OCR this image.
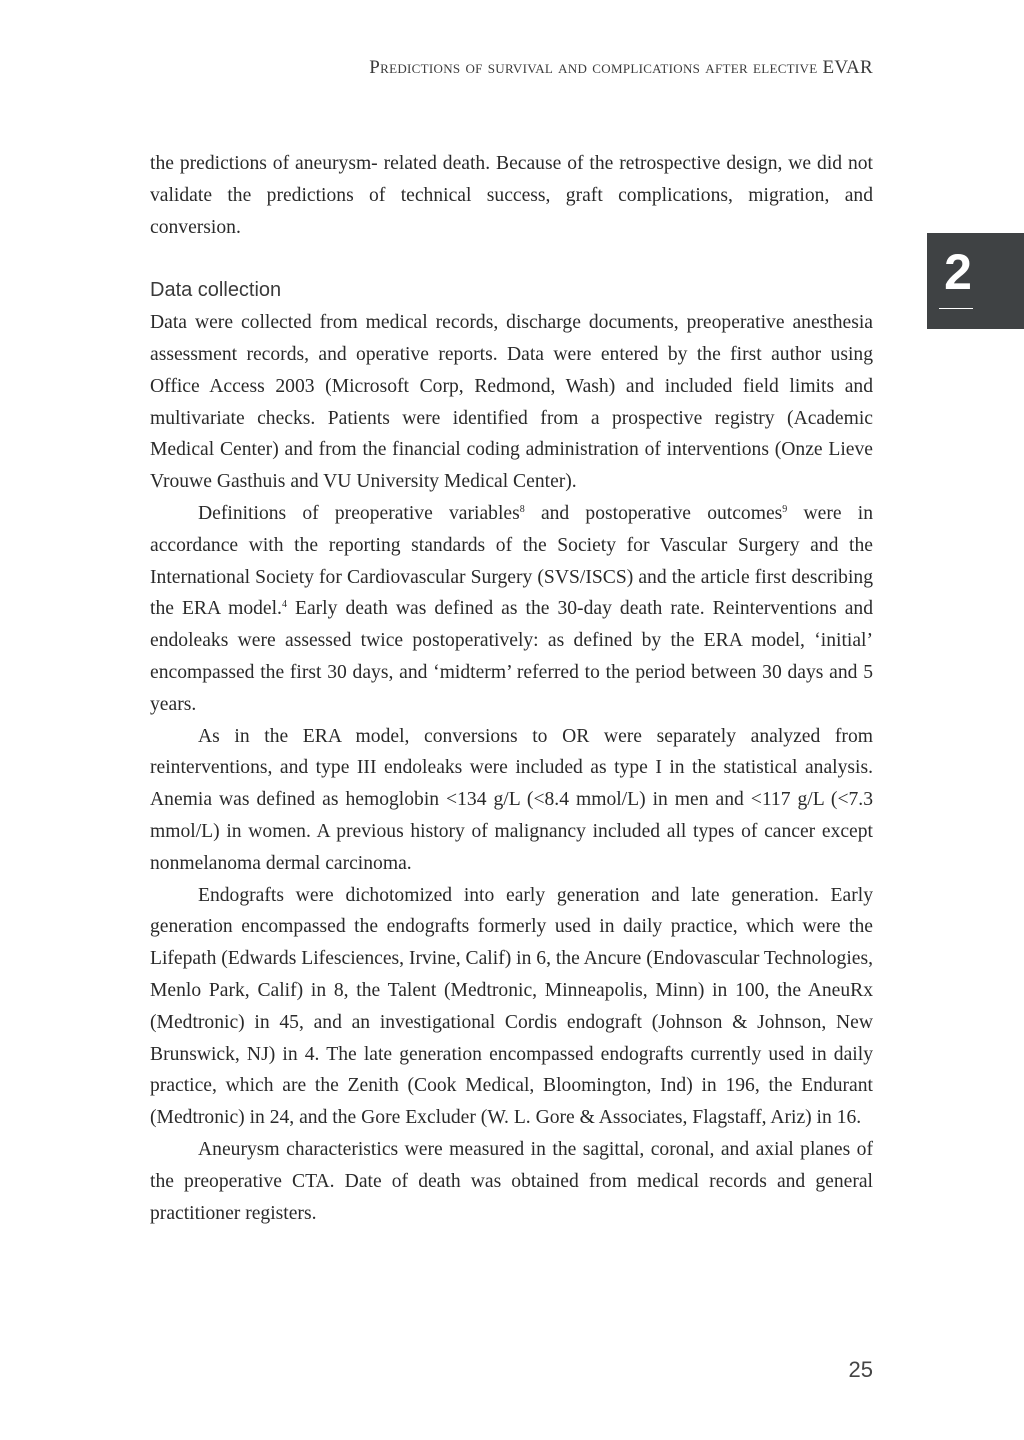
Predictions of survival and complications after elective EVAR
2

the predictions of aneurysm- related death. Because of the retrospective design, we did not validate the predictions of technical success, graft complications, migration, and conversion.

Data collection

Data were collected from medical records, discharge documents, preoperative anesthesia assessment records, and operative reports. Data were entered by the first author using Office Access 2003 (Microsoft Corp, Redmond, Wash) and included field limits and multivariate checks. Patients were identified from a prospective registry (Academic Medical Center) and from the financial coding administration of interventions (Onze Lieve Vrouwe Gasthuis and VU University Medical Center).

Definitions of preoperative variables$^8$ and postoperative outcomes$^9$ were in accordance with the reporting standards of the Society for Vascular Surgery and the International Society for Cardiovascular Surgery (SVS/ISCS) and the article first describing the ERA model.$^4$ Early death was defined as the 30-day death rate. Reinterventions and endoleaks were assessed twice postoperatively: as defined by the ERA model, ‘initial’ encompassed the first 30 days, and ‘midterm’ referred to the period between 30 days and 5 years.

As in the ERA model, conversions to OR were separately analyzed from reinterventions, and type III endoleaks were included as type I in the statistical analysis. Anemia was defined as hemoglobin <134 g/L (<8.4 mmol/L) in men and <117 g/L (<7.3 mmol/L) in women. A previous history of malignancy included all types of cancer except nonmelanoma dermal carcinoma.

Endografts were dichotomized into early generation and late generation. Early generation encompassed the endografts formerly used in daily practice, which were the Lifepath (Edwards Lifesciences, Irvine, Calif) in 6, the Ancure (Endovascular Technologies, Menlo Park, Calif) in 8, the Talent (Medtronic, Minneapolis, Minn) in 100, the AneuRx (Medtronic) in 45, and an investigational Cordis endograft (Johnson & Johnson, New Brunswick, NJ) in 4. The late generation encompassed endografts currently used in daily practice, which are the Zenith (Cook Medical, Bloomington, Ind) in 196, the Endurant (Medtronic) in 24, and the Gore Excluder (W. L. Gore & Associates, Flagstaff, Ariz) in 16.

Aneurysm characteristics were measured in the sagittal, coronal, and axial planes of the preoperative CTA. Date of death was obtained from medical records and general practitioner registers.

25
